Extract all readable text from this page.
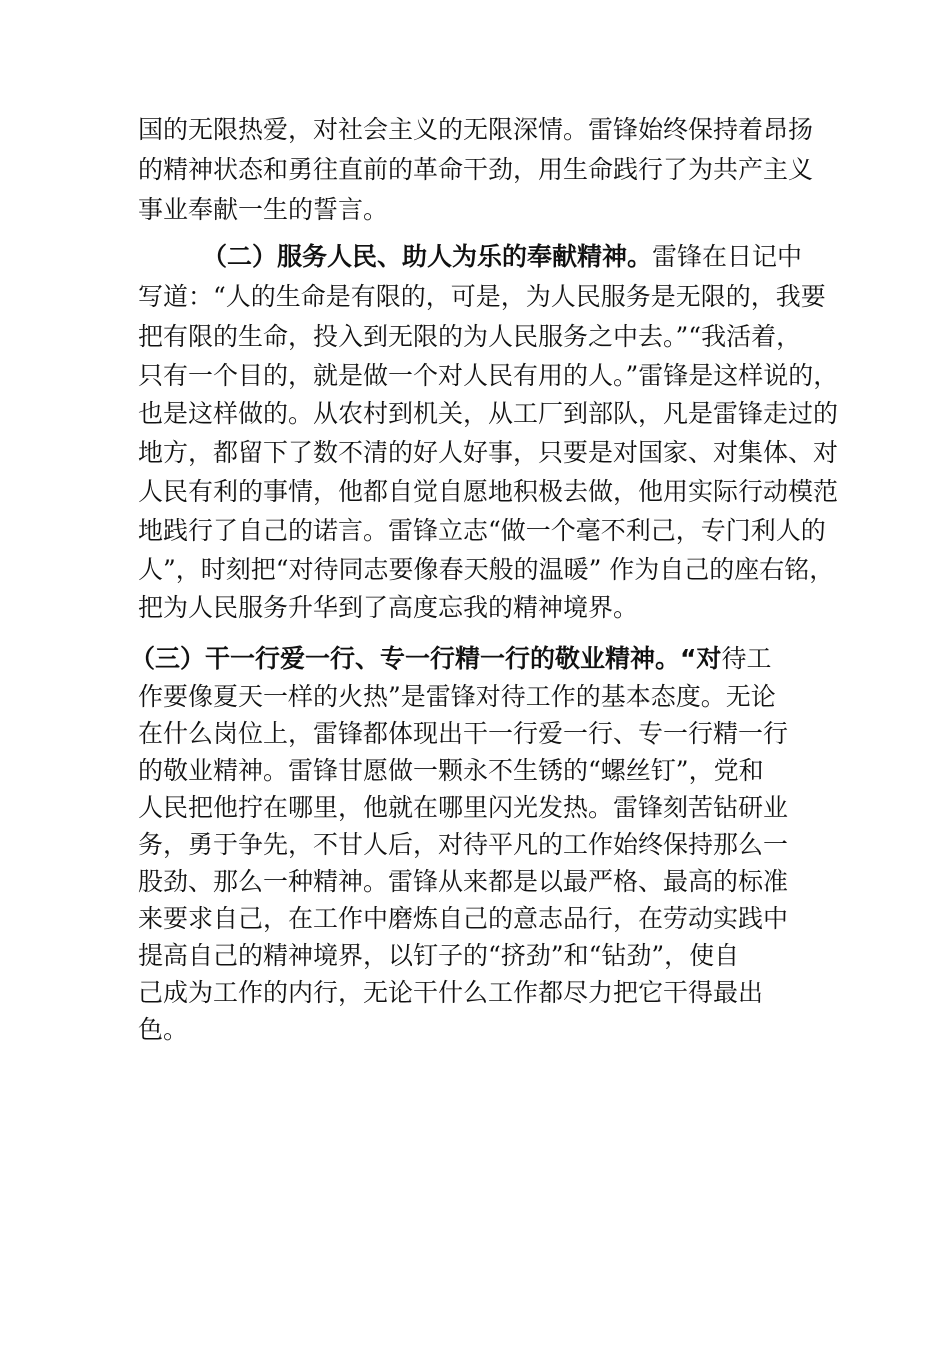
国的无限热爱，对社会主义的无限深情。雷锋始终保持着昂扬
的精神状态和勇往直前的革命干劲，用生命践行了为共产主义
事业奉献一生的誓言。
（二）服务人民、助人为乐的奉献精神。雷锋在日记中
写道：“人的生命是有限的，可是，为人民服务是无限的，我要
把有限的生命，投入到无限的为人民服务之中去。”“我活着，
只有一个目的，就是做一个对人民有用的人。”雷锋是这样说的，
也是这样做的。从农村到机关，从工厂到部队，凡是雷锋走过的
地方，都留下了数不清的好人好事，只要是对国家、对集体、对
人民有利的事情，他都自觉自愿地积极去做，他用实际行动模范
地践行了自己的诺言。雷锋立志“做一个毫不利己，专门利人的
人”，时刻把“对待同志要像春天般的温暖” 作为自己的座右铭，
把为人民服务升华到了高度忘我的精神境界。
（三）干一行爱一行、专一行精一行的敬业精神。“对待工
作要像夏天一样的火热”是雷锋对待工作的基本态度。无论
在什么岗位上，雷锋都体现出干一行爱一行、专一行精一行
的敬业精神。雷锋甘愿做一颗永不生锈的“螺丝钉”，党和
人民把他拧在哪里，他就在哪里闪光发热。雷锋刻苦钻研业
务，勇于争先，不甘人后，对待平凡的工作始终保持那么一
股劲、那么一种精神。雷锋从来都是以最严格、最高的标准
来要求自己，在工作中磨炼自己的意志品行，在劳动实践中
提高自己的精神境界，以钉子的“挤劲”和“钻劲”，使自
己成为工作的内行，无论干什么工作都尽力把它干得最出
色。
